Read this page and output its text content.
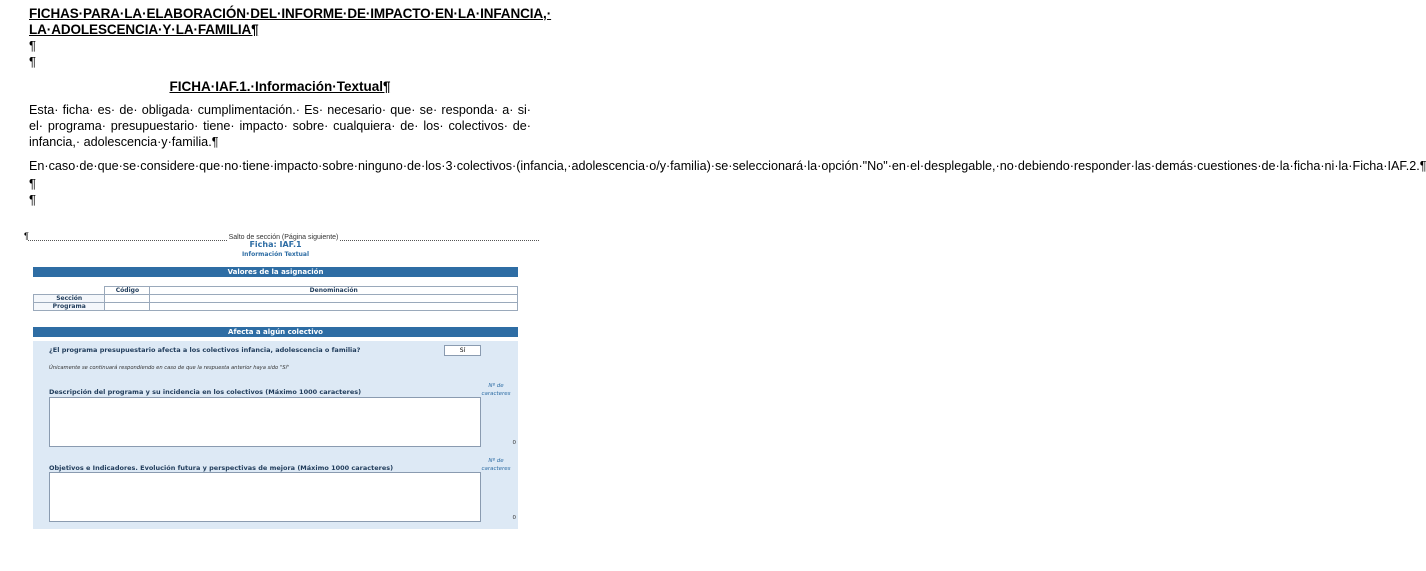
FICHAS·PARA·LA·ELABORACIÓN·DEL·INFORME·DE·IMPACTO·EN·LA·INFANCIA,·
LA·ADOLESCENCIA·Y·LA·FAMILIA¶
¶
¶
FICHA·IAF.1.·Información·Textual¶
Esta· ficha· es· de· obligada· cumplimentación.· Es· necesario· que· se· responda· a· si· el· programa· presupuestario· tiene· impacto· sobre· cualquiera· de· los· colectivos· de· infancia,· adolescencia·y·familia.¶
En·caso·de·que·se·considere·que·no·tiene·impacto·sobre·ninguno·de·los·3·colectivos·(infancia,·adolescencia·o/y·familia)·se·seleccionará·la·opción·"No"·en·el·desplegable,·no·debiendo·responder·las·demás·cuestiones·de·la·ficha·ni·la·Ficha·IAF.2.¶
¶
¶
¶	Salto de sección (Página siguiente)
Ficha: IAF.1
Información Textual
Valores de la asignación
	Código	Denominación
Sección		
Programa		
Afecta a algún colectivo
¿El programa presupuestario afecta a los colectivos infancia, adolescencia o familia?	Sí
Únicamente se continuará respondiendo en caso de que la respuesta anterior haya sido "Sí"
Nº de caracteres
Descripción del programa y su incidencia en los colectivos (Máximo 1000 caracteres)
0
Nº de caracteres
Objetivos e Indicadores. Evolución futura y perspectivas de mejora (Máximo 1000 caracteres)
0
